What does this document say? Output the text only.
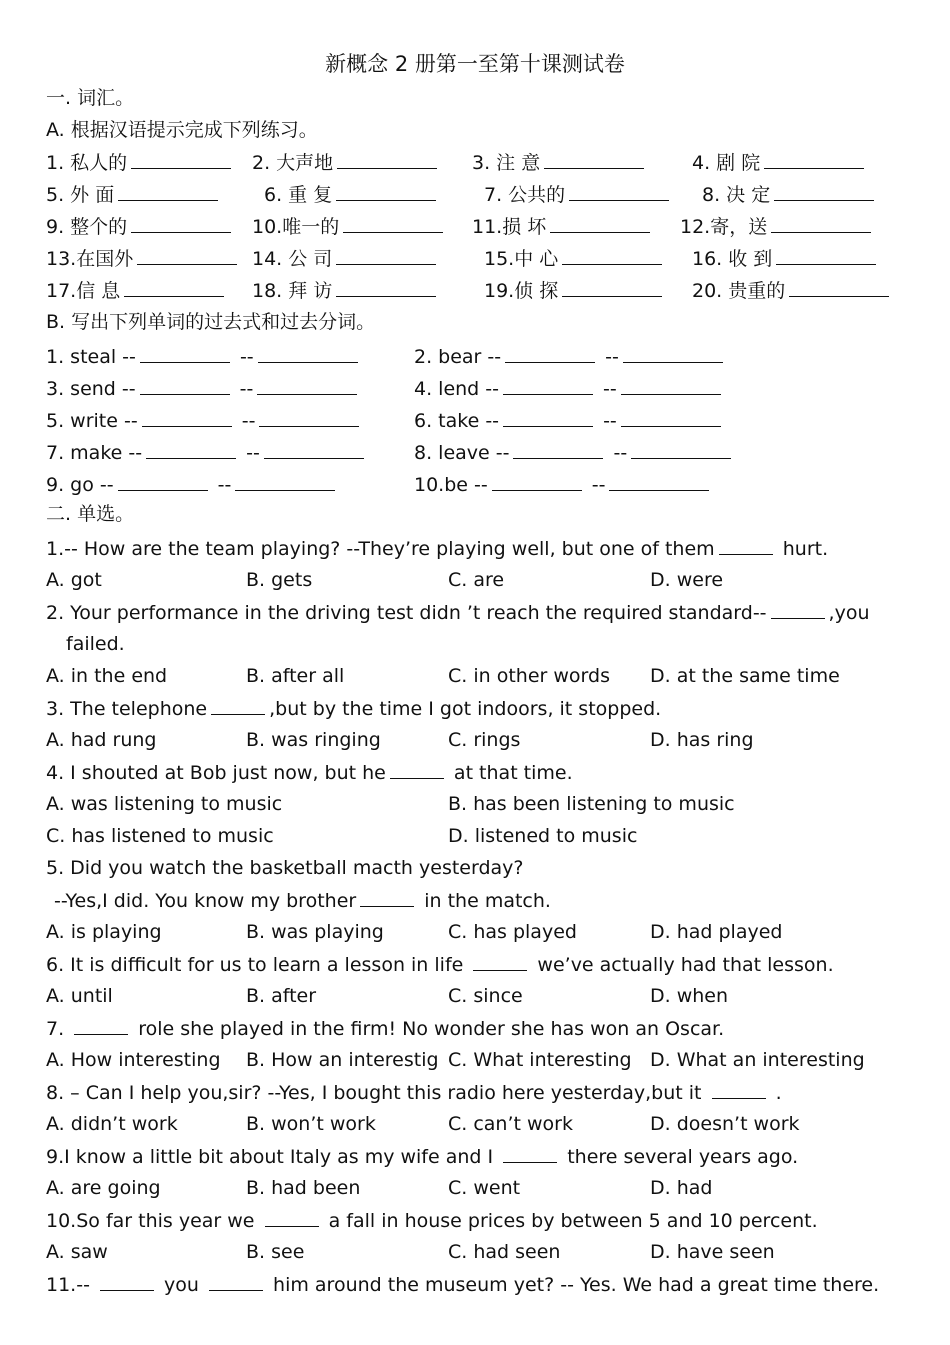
新概念 2 册第一至第十课测试卷
一. 词汇。
A. 根据汉语提示完成下列练习。
1. 私人的	2. 大声地	3. 注 意	4. 剧 院
5. 外 面	6. 重 复	7. 公共的	8. 决 定
9. 整个的	10.唯一的	11.损 坏	12.寄，送
13.在国外	14. 公 司	15.中 心	16. 收 到
17.信 息	18. 拜 访	19.侦 探	20. 贵重的
B. 写出下列单词的过去式和过去分词。
1. steal --	--	2. bear --	--
3. send --	--	4. lend --	--
5. write --	--	6. take --	--
7. make --	--	8. leave --	--
9. go --	--	10.be --	--
二. 单选。
1.-- How are the team playing? --They’re playing well, but one of them	hurt.
A. got	B. gets	C. are	D. were
2. Your performance in the driving test didn ’t reach the required standard--	,you
failed.
A. in the end	B. after all	C. in other words D. at the same time
3. The telephone	,but by the time I got indoors, it stopped.
A. had rung	B. was ringing	C. rings	D. has ring
4. I shouted at Bob just now, but he	at that time.
A. was listening to music	B. has been listening to music
C. has listened to music	D. listened to music
5. Did you watch the basketball macth yesterday?
--Yes,I did. You know my brother	in the match.
A. is playing	B. was playing	C. has played	D. had played
6. It is difficult for us to learn a lesson in life	we’ve actually had that lesson.
A. until	B. after	C. since	D. when
7.	role she played in the firm! No wonder she has won an Oscar.
A. How interesting B. How an interestig C. What interesting D. What an interesting
8. – Can I help you,sir? --Yes, I bought this radio here yesterday,but it	.
A. didn’t work	B. won’t work	C. can’t work	D. doesn’t work
9.I know a little bit about Italy as my wife and I	there several years ago.
A. are going	B. had been	C. went	D. had
10.So far this year we	a fall in house prices by between 5 and 10 percent.
A. saw	B. see	C. had seen	D. have seen
11.--	you	him around the museum yet? -- Yes. We had a great time there.
